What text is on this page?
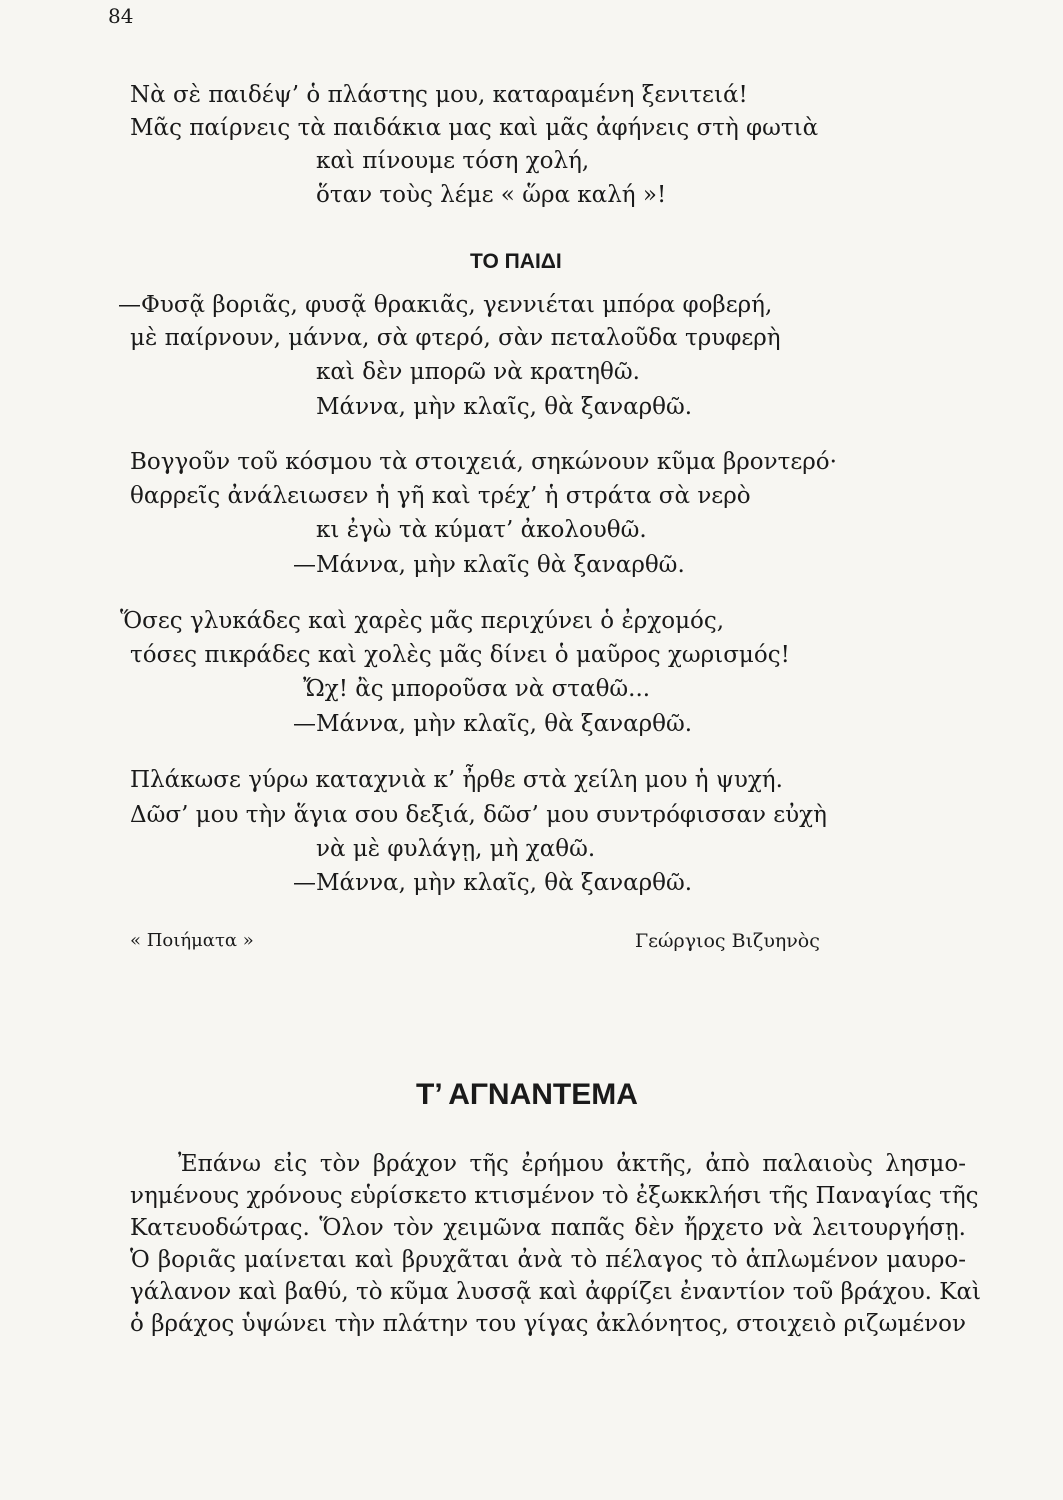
84
Νὰ σὲ παιδέψ’ ὁ πλάστης μου, καταραμένη ξενιτειά!
Μᾶς παίρνεις τὰ παιδάκια μας καὶ μᾶς ἀφήνεις στὴ φωτιὰ
καὶ πίνουμε τόση χολή,
ὅταν τοὺς λέμε « ὥρα καλή »!
ΤΟ ΠΑΙΔΙ
—Φυσᾷ βοριᾶς, φυσᾷ θρακιᾶς, γεννιέται μπόρα φοβερή,
μὲ παίρνουν, μάννα, σὰ φτερό, σὰν πεταλοῦδα τρυφερὴ
καὶ δὲν μπορῶ νὰ κρατηθῶ.
Μάννα, μὴν κλαῖς, θὰ ξαναρθῶ.
Βογγοῦν τοῦ κόσμου τὰ στοιχειά, σηκώνουν κῦμα βροντερό·
θαρρεῖς ἀνάλειωσεν ἡ γῆ καὶ τρέχ’ ἡ στράτα σὰ νερὸ
κι ἐγὼ τὰ κύματ’ ἀκολουθῶ.
—Μάννα, μὴν κλαῖς θὰ ξαναρθῶ.
Ὅσες γλυκάδες καὶ χαρὲς μᾶς περιχύνει ὁ ἐρχομός,
τόσες πικράδες καὶ χολὲς μᾶς δίνει ὁ μαῦρος χωρισμός!
Ὤχ! ἂς μποροῦσα νὰ σταθῶ...
—Μάννα, μὴν κλαῖς, θὰ ξαναρθῶ.
Πλάκωσε γύρω καταχνιὰ κ’ ἦρθε στὰ χείλη μου ἡ ψυχή.
Δῶσ’ μου τὴν ἅγια σου δεξιά, δῶσ’ μου συντρόφισσαν εὐχὴ
νὰ μὲ φυλάγῃ, μὴ χαθῶ.
—Μάννα, μὴν κλαῖς, θὰ ξαναρθῶ.
« Ποιήματα »	Γεώργιος Βιζυηνὸς
Τ’ ΑΓΝΑΝΤΕΜΑ
Ἐπάνω εἰς τὸν βράχον τῆς ἐρήμου ἀκτῆς, ἀπὸ παλαιοὺς λησμο-
νημένους χρόνους εὑρίσκετο κτισμένον τὸ ἐξωκκλήσι τῆς Παναγίας τῆς
Κατευοδώτρας. Ὅλον τὸν χειμῶνα παπᾶς δὲν ἤρχετο νὰ λειτουργήσῃ.
Ὁ βοριᾶς μαίνεται καὶ βρυχᾶται ἀνὰ τὸ πέλαγος τὸ ἁπλωμένον μαυρο-
γάλανον καὶ βαθύ, τὸ κῦμα λυσσᾷ καὶ ἀφρίζει ἐναντίον τοῦ βράχου. Καὶ
ὁ βράχος ὑψώνει τὴν πλάτην του γίγας ἀκλόνητος, στοιχειὸ ριζωμένον
